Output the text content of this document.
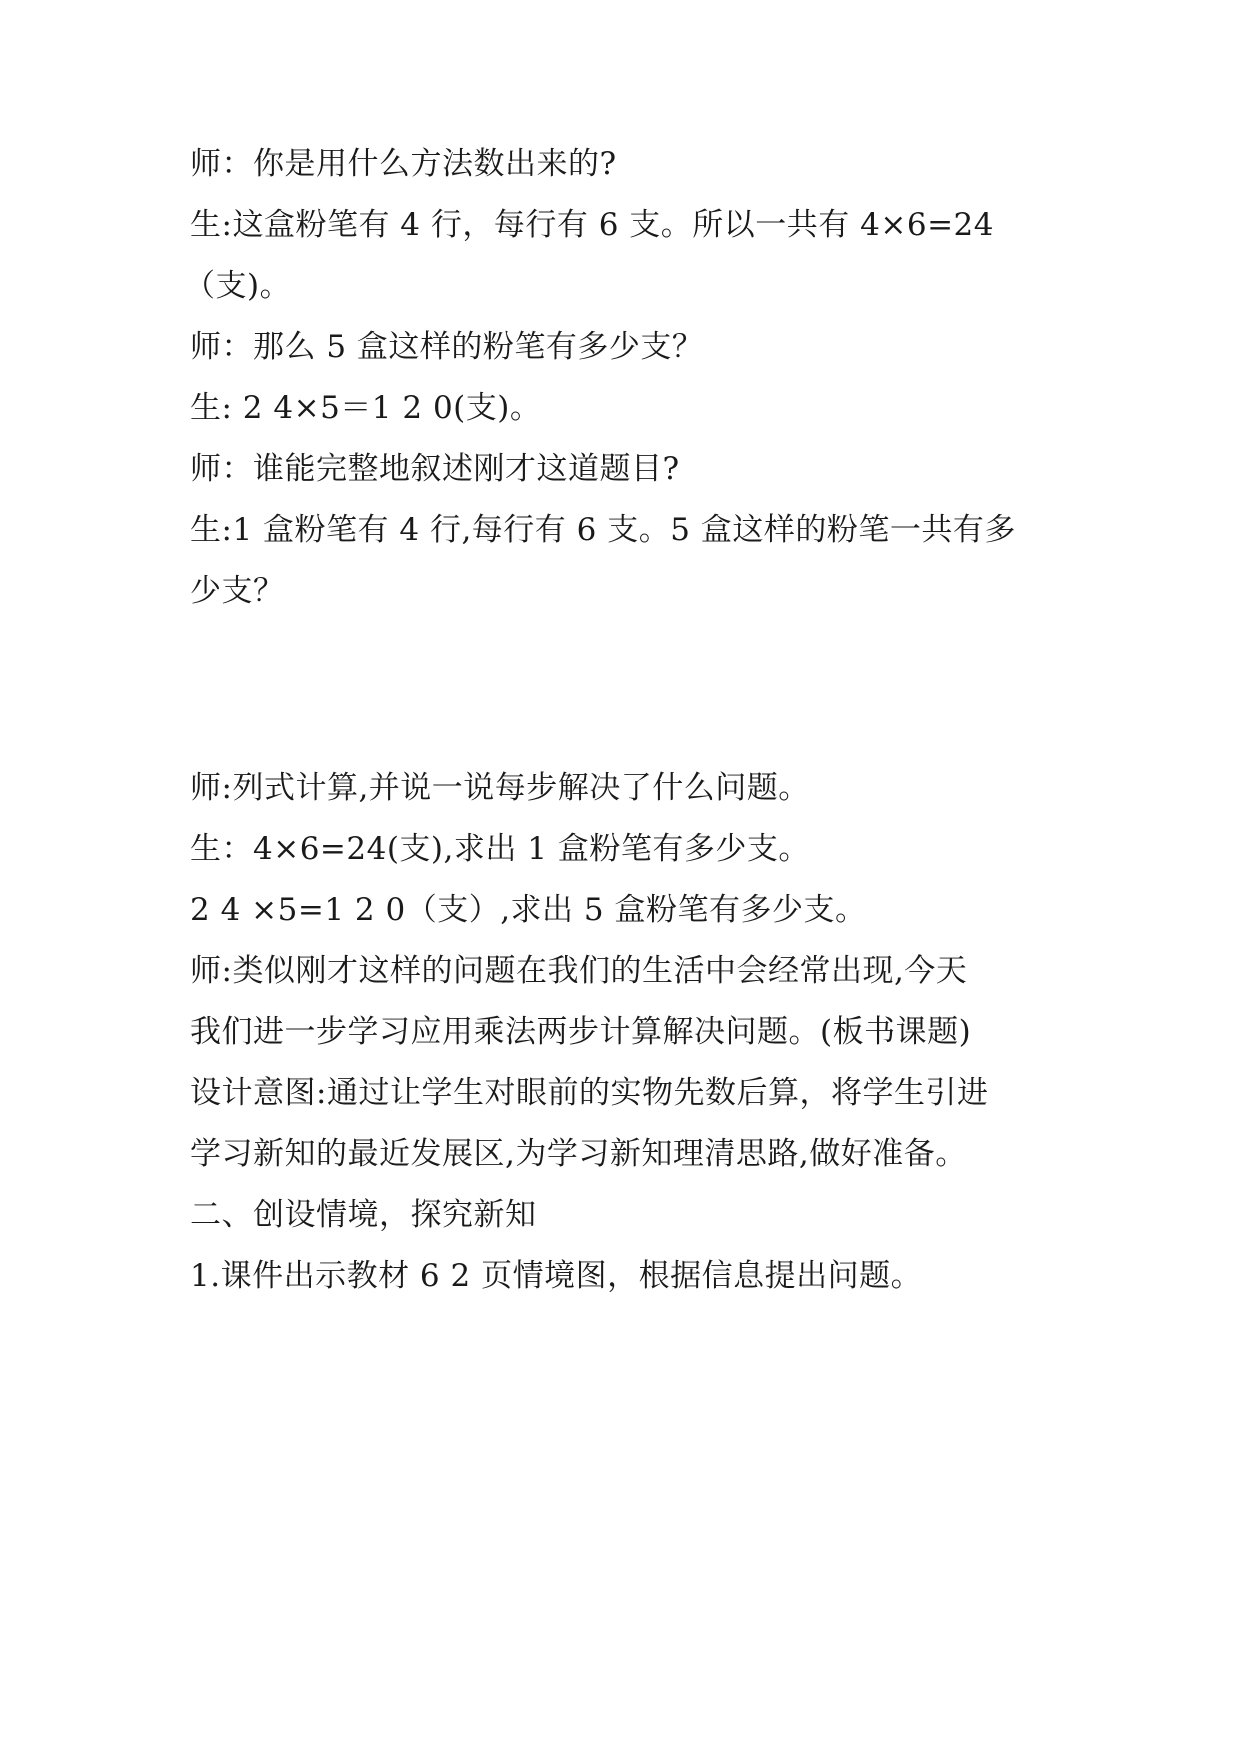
师：你是用什么方法数出来的?
生:这盒粉笔有 4 行，每行有 6 支。所以一共有 4×6=24
（支)。
师：那么 5 盒这样的粉笔有多少支？
生: 2 4×5＝1 2 0(支)。
师：谁能完整地叙述刚才这道题目?
生:1 盒粉笔有 4 行,每行有 6 支。5 盒这样的粉笔一共有多
少支？
师:列式计算,并说一说每步解决了什么问题。
生：4×6=24(支),求出 1 盒粉笔有多少支。
2 4 ×5=1 2 0（支）,求出 5 盒粉笔有多少支。
师:类似刚才这样的问题在我们的生活中会经常出现,今天
我们进一步学习应用乘法两步计算解决问题。(板书课题)
设计意图:通过让学生对眼前的实物先数后算，将学生引进
学习新知的最近发展区,为学习新知理清思路,做好准备。
二、创设情境，探究新知
1.课件出示教材 6 2 页情境图，根据信息提出问题。
